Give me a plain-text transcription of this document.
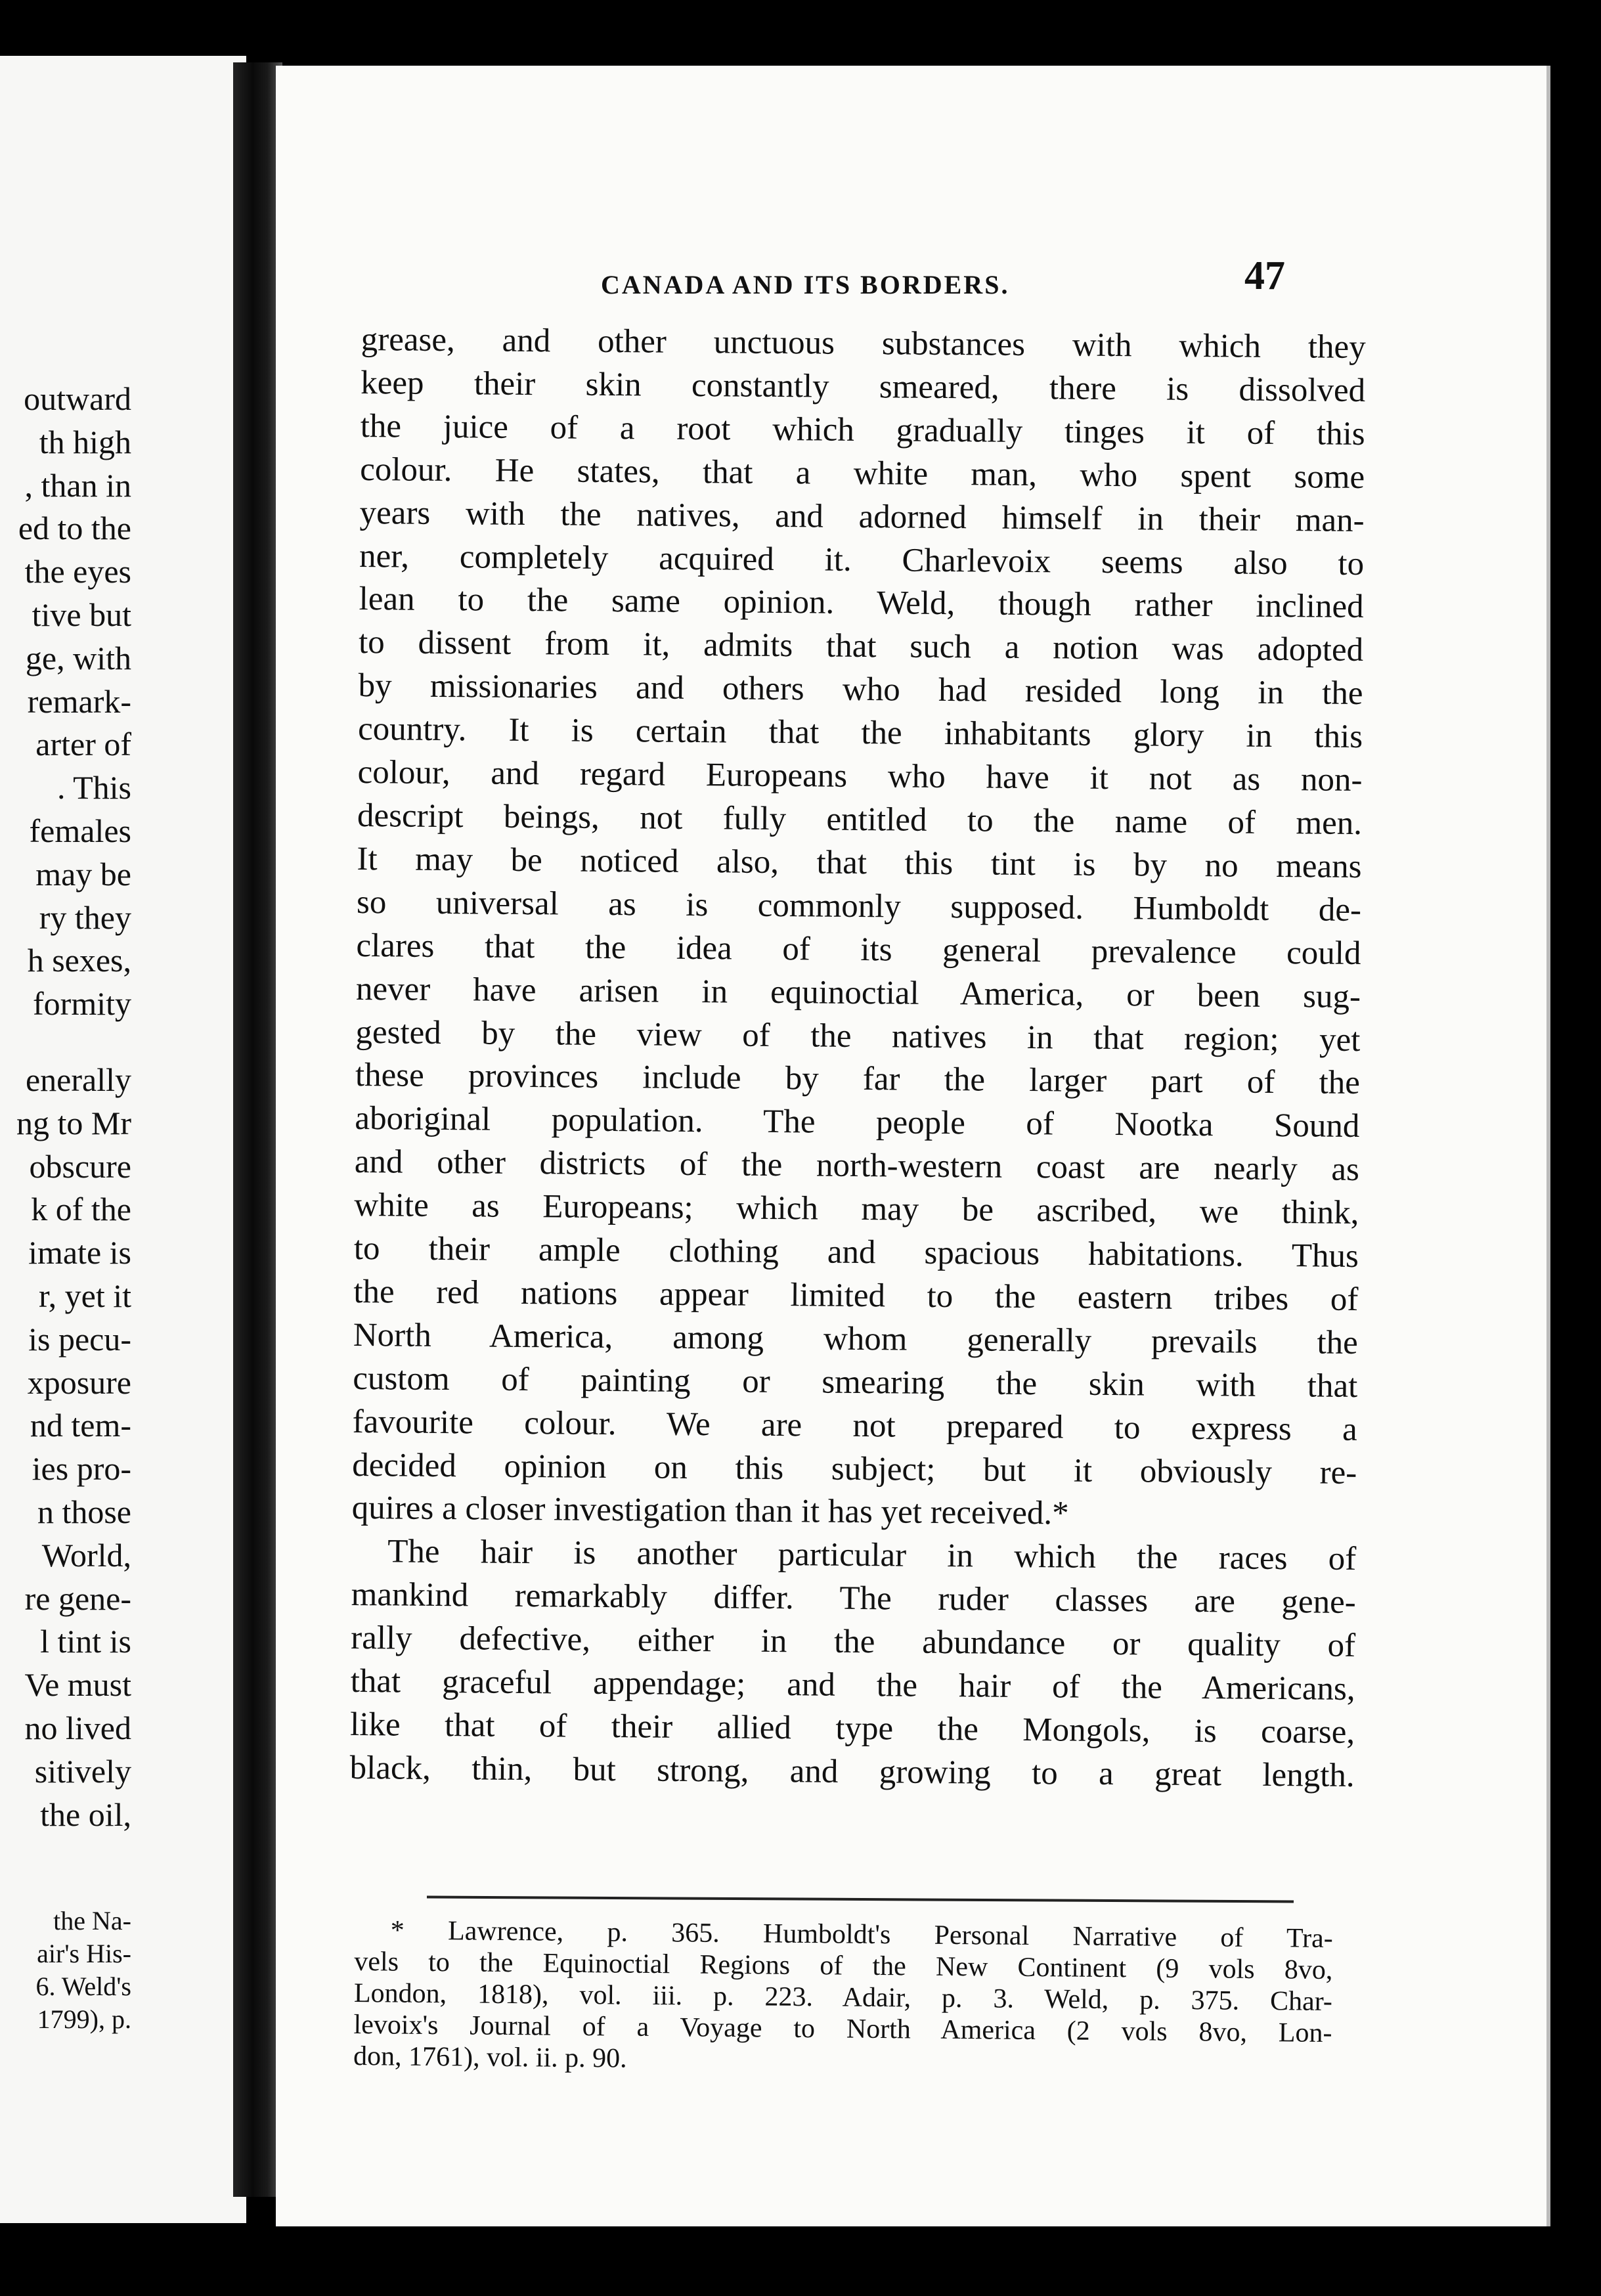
outward
th high
, than in
ed to the
the eyes
tive but
ge, with
remark-
arter of
. This
females
may be
ry they
h sexes,
formity
enerally
ng to Mr
obscure
k of the
imate is
r, yet it
is pecu-
xposure
nd tem-
ies pro-
n those
World,
re gene-
l tint is
Ve must
no lived
sitively
the oil,
the Na-
air's His-
6. Weld's
1799), p.
CANADA AND ITS BORDERS.	47
grease, and other unctuous substances with which they
keep their skin constantly smeared, there is dissolved
the juice of a root which gradually tinges it of this
colour. He states, that a white man, who spent some
years with the natives, and adorned himself in their man-
ner, completely acquired it. Charlevoix seems also to
lean to the same opinion. Weld, though rather inclined
to dissent from it, admits that such a notion was adopted
by missionaries and others who had resided long in the
country. It is certain that the inhabitants glory in this
colour, and regard Europeans who have it not as non-
descript beings, not fully entitled to the name of men.
It may be noticed also, that this tint is by no means
so universal as is commonly supposed. Humboldt de-
clares that the idea of its general prevalence could
never have arisen in equinoctial America, or been sug-
gested by the view of the natives in that region; yet
these provinces include by far the larger part of the
aboriginal population. The people of Nootka Sound
and other districts of the north-western coast are nearly as
white as Europeans; which may be ascribed, we think,
to their ample clothing and spacious habitations. Thus
the red nations appear limited to the eastern tribes of
North America, among whom generally prevails the
custom of painting or smearing the skin with that
favourite colour. We are not prepared to express a
decided opinion on this subject; but it obviously re-
quires a closer investigation than it has yet received.*
The hair is another particular in which the races of
mankind remarkably differ. The ruder classes are gene-
rally defective, either in the abundance or quality of
that graceful appendage; and the hair of the Americans,
like that of their allied type the Mongols, is coarse,
black, thin, but strong, and growing to a great length.
* Lawrence, p. 365. Humboldt's Personal Narrative of Tra-
vels to the Equinoctial Regions of the New Continent (9 vols 8vo,
London, 1818), vol. iii. p. 223. Adair, p. 3. Weld, p. 375. Char-
levoix's Journal of a Voyage to North America (2 vols 8vo, Lon-
don, 1761), vol. ii. p. 90.
